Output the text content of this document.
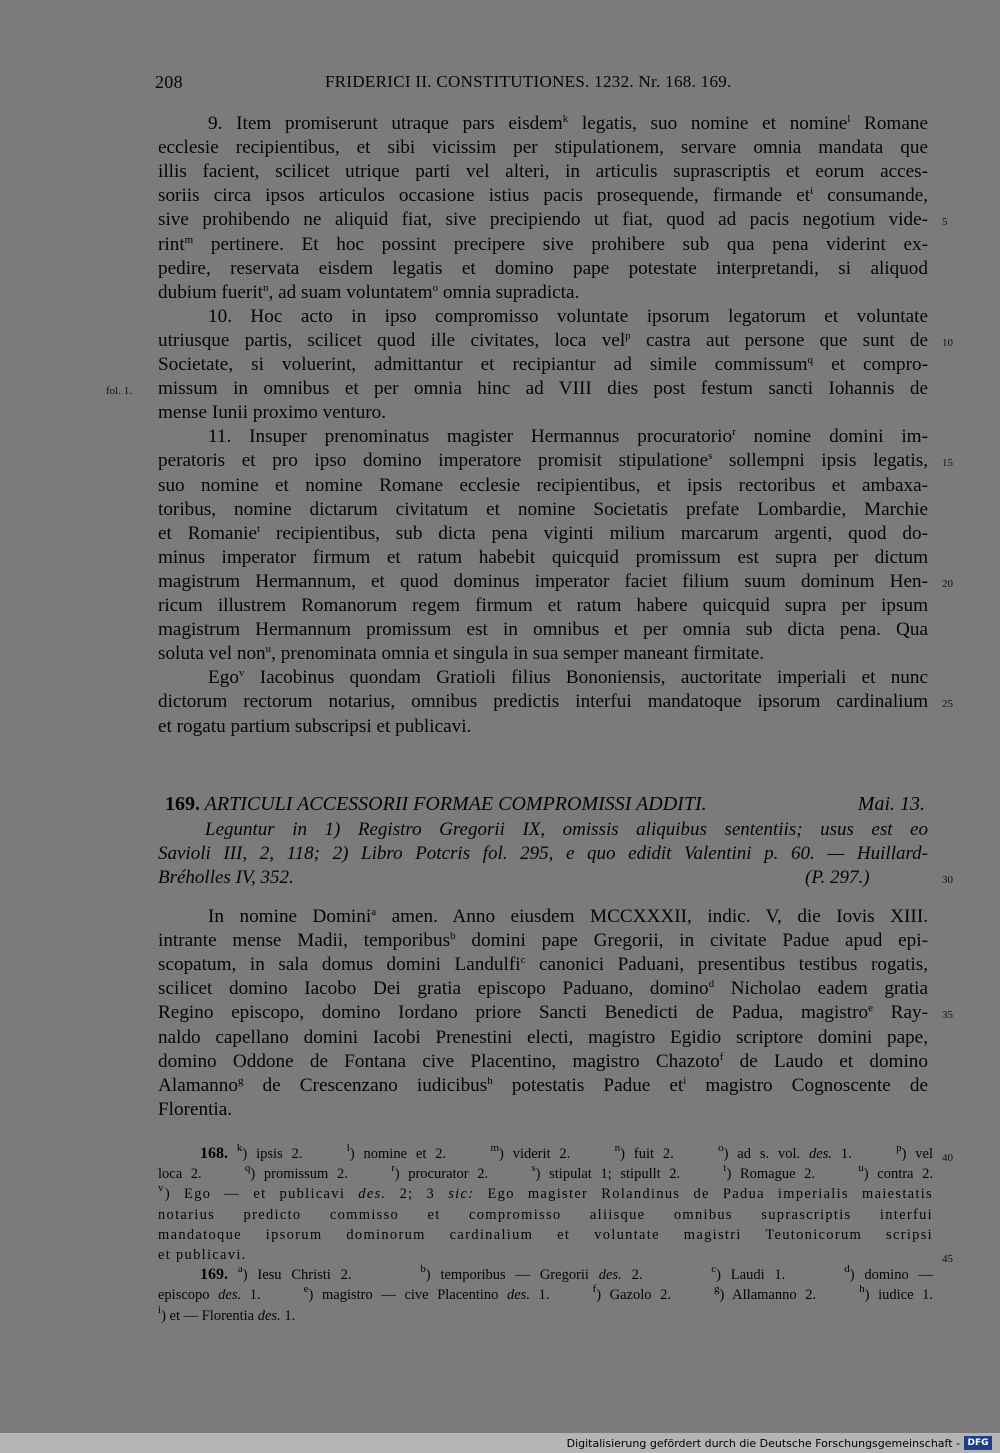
208	FRIDERICI II. CONSTITUTIONES. 1232. Nr. 168. 169.
169. ARTICULI ACCESSORII FORMAE COMPROMISSI ADDITI.	Mai. 13.
Digitalisierung gefördert durch die Deutsche Forschungsgemeinschaft - DFG
9. Item promiserunt utraque pars eisdem$^k$ legatis, suo nomine et nomine$^l$ Romane
ecclesie recipientibus, et sibi vicissim per stipulationem, servare omnia mandata que
illis facient, scilicet utrique parti vel alteri, in articulis suprascriptis et eorum acces-
soriis circa ipsos articulos occasione istius pacis prosequende, firmande $et^i$ consumande,
sive prohibendo ne aliquid fiat, sive precipiendo ut fiat, quod ad pacis negotium vide- 5
rint$^m$ pertinere. Et hoc possint precipere sive prohibere sub qua pena viderint ex-
pedire, reservata eisdem legatis et domino pape potestate interpretandi, si aliquod
dubium fuerit$^n$, ad suam voluntatem$^o$ omnia supradicta.
10. Hoc acto in ipso compromisso voluntate ipsorum legatorum et voluntate
utriusque partis, scilicet quod ille civitates, loca vel$^p$ castra aut persone que sunt de 10
Societate, si voluerint, admittantur et recipiantur ad simile commissum$^q$ et compro-
missum in omnibus et per omnia hinc ad VIII dies post festum sancti Iohannis de
fol. 1.
mense Iunii proximo venturo.
11. Insuper prenominatus magister Hermannus procuratorio$^r$ nomine domini im-
peratoris et pro ipso domino imperatore promisit stipulatione$^s$ sollempni ipsis legatis, 15
suo nomine et nomine Romane ecclesie recipientibus, et ipsis rectoribus et ambaxa-
toribus, nomine dictarum civitatum et nomine Societatis prefate Lombardie, Marchie
et Romanie$^t$ recipientibus, sub dicta pena viginti milium marcarum argenti, quod do-
minus imperator firmum et ratum habebit quicquid promissum est supra per dictum
magistrum Hermannum, et quod dominus imperator faciet filium suum dominum Hen- 20
ricum illustrem Romanorum regem firmum et ratum habere quicquid supra per ipsum
magistrum Hermannum promissum est in omnibus et per omnia sub dicta pena. Qua
soluta vel non$^u$, prenominata omnia et singula in sua semper maneant firmitate.
Ego$^v$ Iacobinus quondam Gratioli filius Bononiensis, auctoritate imperiali et nunc
dictorum rectorum notarius, omnibus predictis interfui mandatoque ipsorum cardinalium 25
et rogatu partium subscripsi et publicavi.
Leguntur in 1) Registro Gregorii IX, omissis aliquibus sententiis; usus est eo
Savioli III, 2, 118; 2) Libro Potcris fol. 295, e quo edidit Valentini p. 60. — Huillard-
Bréholles IV, 352.	(P. 297.)	30
In nomine Domini$^a$ amen. Anno eiusdem MCCXXXII, indic. V, die Iovis XIII.
intrante mense Madii, temporibus$^b$ domini pape Gregorii, in civitate Padue apud epi-
scopatum, in sala domus domini Landulfi$^c$ canonici Paduani, presentibus testibus rogatis,
scilicet domino Iacobo Dei gratia episcopo Paduano, domino$^d$ Nicholao eadem gratia
Regino episcopo, domino Iordano priore Sancti Benedicti de Padua, magistro$^e$ Ray- 35
naldo capellano domini Iacobi Prenestini electi, magistro Egidio scriptore domini pape,
domino Oddone de Fontana cive Placentino, magistro Chazoto$^f$ de Laudo et domino
Alamanno$^g$ de Crescenzano iudicibus$^h$ potestatis Padue $et^i$ magistro Cognoscente de
Florentia.
168. $^k$) ipsis 2.     $^l$) nomine et 2.     $^m$) viderit 2.     $^n$) fuit 2.     $^o$) ad s. vol. des. 1.     $^p$) vel 40
loca 2.     $^q$) promissum 2.     $^r$) procurator 2.     $^s$) stipulat 1; stipullt 2.     $^t$) Romague 2.     $^u$) contra 2.
$^v$) Ego — et publicavi des. 2; 3 sic: Ego magister Rolandinus de Padua imperialis maiestatis
notarius predicto commisso et compromisso aliisque omnibus suprascriptis interfui
mandatoque ipsorum dominorum cardinalium et voluntate magistri Teutonicorum scripsi
et publicavi.	45
169. $^a$) Iesu Christi 2.       $^b$) temporibus — Gregorii des. 2.       $^c$) Laudi 1.      $^d$) domino —
episcopo des. 1.     $^e$) magistro — cive Placentino des. 1.     $^f$) Gazolo 2.     $^g$) Allamanno 2.     $^h$) iudice 1.
$^i$) et — Florentia des. 1.
